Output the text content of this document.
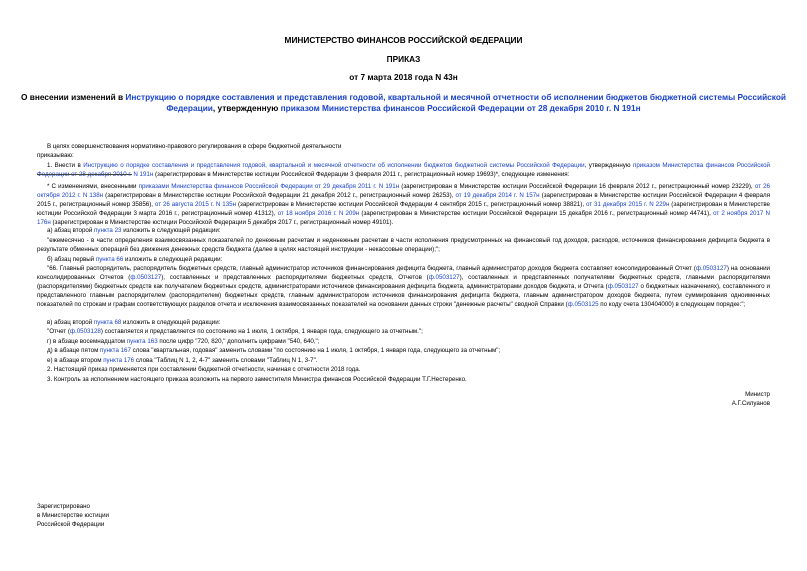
МИНИСТЕРСТВО ФИНАНСОВ РОССИЙСКОЙ ФЕДЕРАЦИИ
ПРИКАЗ
от 7 марта 2018 года N 43н
О внесении изменений в Инструкцию о порядке составления и представления годовой, квартальной и месячной отчетности об исполнении бюджетов бюджетной системы Российской Федерации, утвержденную приказом Министерства финансов Российской Федерации от 28 декабря 2010 г. N 191н
В целях совершенствования нормативно-правового регулирования в сфере бюджетной деятельности
приказываю:
1. Внести в Инструкцию о порядке составления и представления годовой, квартальной и месячной отчетности об исполнении бюджетов бюджетной системы Российской Федерации, утвержденную приказом Министерства финансов Российской Федерации от 28 декабря 2010 г. N 191н (зарегистрирован в Министерстве юстиции Российской Федерации 3 февраля 2011 г., регистрационный номер 19693)*, следующие изменения:
* С изменениями, внесенными приказами Министерства финансов Российской Федерации от 29 декабря 2011 г. N 191н (зарегистрирован в Министерстве юстиции Российской Федерации 16 февраля 2012 г., регистрационный номер 23229), от 26 октября 2012 г. N 138н (зарегистрирован в Министерстве юстиции Российской Федерации 21 декабря 2012 г., регистрационный номер 26253), от 19 декабря 2014 г. N 157н (зарегистрирован в Министерстве юстиции Российской Федерации 4 февраля 2015 г., регистрационный номер 35856), от 26 августа 2015 г. N 135н (зарегистрирован в Министерстве юстиции Российской Федерации 4 сентября 2015 г., регистрационный номер 38821), от 31 декабря 2015 г. N 229н (зарегистрирован в Министерстве юстиции Российской Федерации 3 марта 2016 г., регистрационный номер 41312), от 18 ноября 2016 г. N 209н (зарегистрирован в Министерстве юстиции Российской Федерации 15 декабря 2016 г., регистрационный номер 44741), от 2 ноября 2017 N 176н (зарегистрирован в Министерстве юстиции Российской Федерации 5 декабря 2017 г., регистрационный номер 49101).
а) абзац второй пункта 23 изложить в следующей редакции:
"ежемесячно - в части определения взаимосвязанных показателей по денежным расчетам и неденежным расчетам в части исполнения предусмотренных на финансовый год доходов, расходов, источников финансирования дефицита бюджета в результате обменных операций без движения денежных средств бюджета (далее в целях настоящей инструкции - некассовые операции);";
б) абзац первый пункта 66 изложить в следующей редакции:
"66. Главный распорядитель, распорядитель бюджетных средств, главный администратор источников финансирования дефицита бюджета, главный администратор доходов бюджета составляет консолидированный Отчет (ф.0503127) на основании консолидированных Отчетов (ф.0503127), составленных и представленных распорядителями бюджетных средств, Отчетов (ф.0503127), составленных и представленных получателями бюджетных средств, главными распорядителями (распорядителями) бюджетных средств как получателем бюджетных средств, администраторами источников финансирования дефицита бюджета, администраторами доходов бюджета, и Отчета (ф.0503127 о бюджетных назначениях), составленного и представленного главным распорядителем (распорядителем) бюджетных средств, главным администратором источников финансирования дефицита бюджета, главным администратором доходов бюджета, путем суммирования одноименных показателей по строкам и графам соответствующих разделов отчета и исключения взаимосвязанных показателей на основании данных строки "денежные расчеты" сводной Справки (ф.0503125 по коду счета 130404000) в следующем порядке:";
в) абзац второй пункта 68 изложить в следующей редакции:
"Отчет (ф.0503128) составляется и представляется по состоянию на 1 июля, 1 октября, 1 января года, следующего за отчетным.";
г) в абзаце восемнадцатом пункта 163 после цифр "720, 820," дополнить цифрами "540, 640,";
д) в абзаце пятом пункта 167 слова "квартальная, годовая" заменить словами "по состоянию на 1 июля, 1 октября, 1 января года, следующего за отчетным";
е) в абзаце втором пункта 176 слова "Таблиц N 1, 2, 4-7" заменить словами "Таблиц N 1, 3-7".
2. Настоящий приказ применяется при составлении бюджетной отчетности, начиная с отчетности 2018 года.
3. Контроль за исполнением настоящего приказа возложить на первого заместителя Министра финансов Российской Федерации Т.Г.Нестеренко.
Министр
А.Г.Силуанов
Зарегистрировано
в Министерстве юстиции
Российской Федерации
